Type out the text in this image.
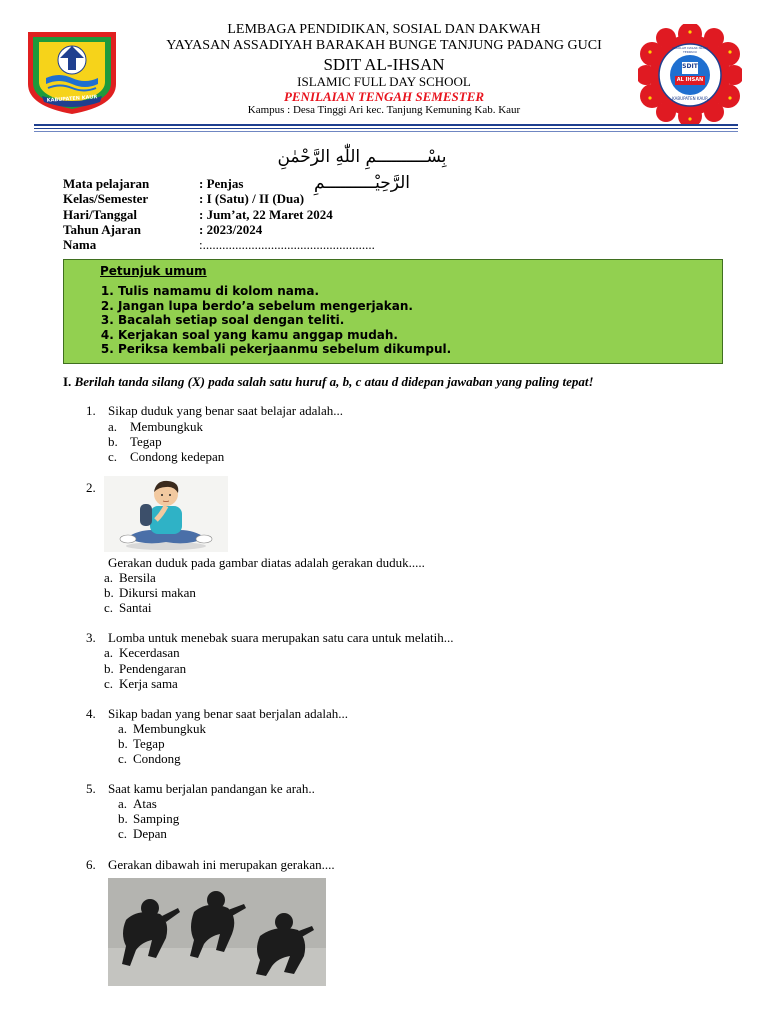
LEMBAGA PENDIDIKAN, SOSIAL DAN DAKWAH
YAYASAN ASSADIYAH BARAKAH BUNGE TANJUNG PADANG GUCI
SDIT AL-IHSAN
ISLAMIC FULL DAY SCHOOL
PENILAIAN TENGAH SEMESTER
Kampus : Desa Tinggi Ari kec. Tanjung Kemuning Kab. Kaur
KABUPATEN KAUR
SDIT
AL IHSAN
SEKOLAH DASAR ISLAM TERPADU
KABUPATEN KAUR
بِسْــــــــــمِ اللّٰهِ الرَّحْمٰنِ الرَّحِيْــــــــــمِ
Mata pelajaran	: Penjas
Kelas/Semester	: I (Satu) / II (Dua)
Hari/Tanggal	: Jum’at, 22 Maret 2024
Tahun Ajaran	: 2023/2024
Nama	:.....................................................
Petunjuk umum
1. Tulis namamu di kolom nama.
2. Jangan lupa berdo’a sebelum mengerjakan.
3. Bacalah setiap soal dengan teliti.
4. Kerjakan soal yang kamu anggap mudah.
5. Periksa kembali pekerjaanmu sebelum dikumpul.
I. Berilah tanda silang (X) pada salah satu huruf a, b, c atau d didepan jawaban yang paling tepat!
1. Sikap duduk yang benar saat belajar adalah...
a. Membungkuk
b. Tegap
c. Condong kedepan
2.
Gerakan duduk pada gambar diatas adalah gerakan duduk.....
a. Bersila
b. Dikursi makan
c. Santai
3. Lomba untuk menebak suara merupakan satu cara untuk melatih...
a. Kecerdasan
b. Pendengaran
c. Kerja sama
4. Sikap badan yang benar saat berjalan adalah...
a. Membungkuk
b. Tegap
c. Condong
5. Saat kamu berjalan pandangan ke arah..
a. Atas
b. Samping
c. Depan
6. Gerakan dibawah ini merupakan gerakan....
